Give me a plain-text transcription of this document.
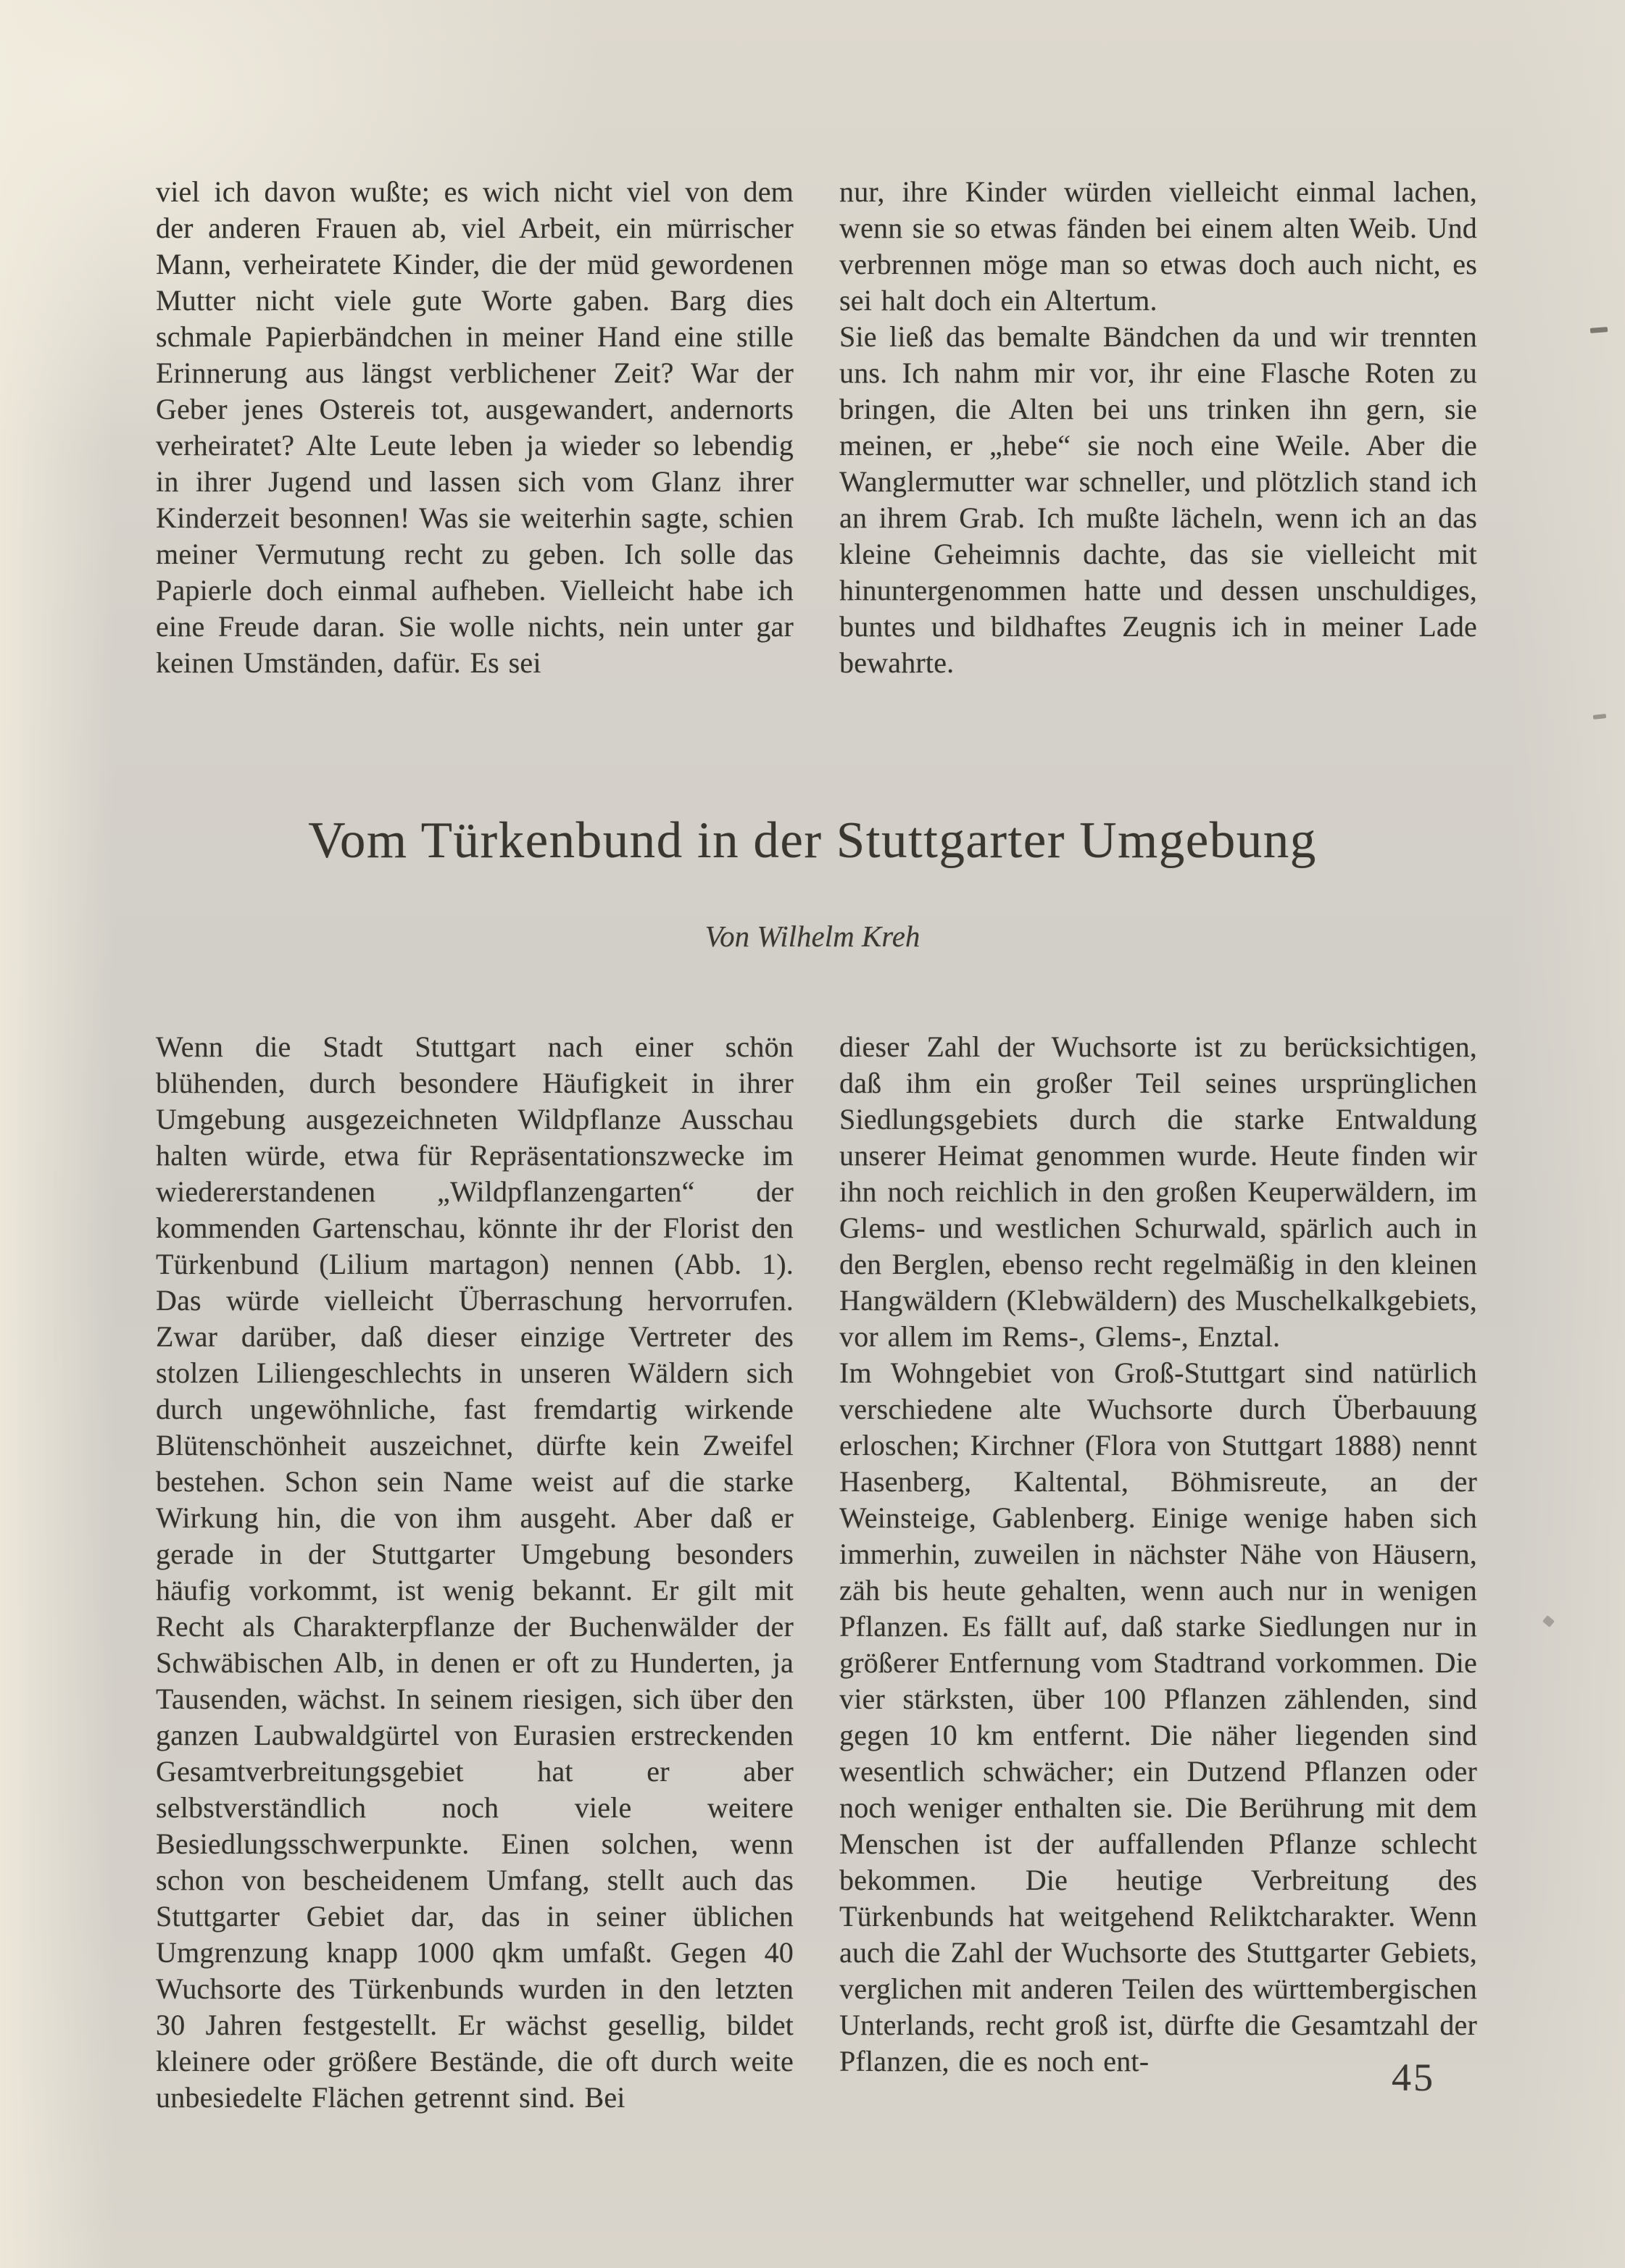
viel ich davon wußte; es wich nicht viel von dem der anderen Frauen ab, viel Arbeit, ein mürrischer Mann, verheiratete Kinder, die der müd gewordenen Mutter nicht viele gute Worte gaben. Barg dies schmale Papierbändchen in meiner Hand eine stille Erinnerung aus längst verblichener Zeit? War der Geber jenes Ostereis tot, ausgewandert, andernorts verheiratet? Alte Leute leben ja wieder so lebendig in ihrer Jugend und lassen sich vom Glanz ihrer Kinderzeit besonnen! Was sie weiterhin sagte, schien meiner Vermutung recht zu geben. Ich solle das Papierle doch einmal aufheben. Vielleicht habe ich eine Freude daran. Sie wolle nichts, nein unter gar keinen Umständen, dafür. Es sei

nur, ihre Kinder würden vielleicht einmal lachen, wenn sie so etwas fänden bei einem alten Weib. Und verbrennen möge man so etwas doch auch nicht, es sei halt doch ein Altertum.

Sie ließ das bemalte Bändchen da und wir trennten uns. Ich nahm mir vor, ihr eine Flasche Roten zu bringen, die Alten bei uns trinken ihn gern, sie meinen, er „hebe“ sie noch eine Weile. Aber die Wanglermutter war schneller, und plötzlich stand ich an ihrem Grab. Ich mußte lächeln, wenn ich an das kleine Geheimnis dachte, das sie vielleicht mit hinuntergenommen hatte und dessen unschuldiges, buntes und bildhaftes Zeugnis ich in meiner Lade bewahrte.

Vom Türkenbund in der Stuttgarter Umgebung
Von Wilhelm Kreh

Wenn die Stadt Stuttgart nach einer schön blühenden, durch besondere Häufigkeit in ihrer Umgebung ausgezeichneten Wildpflanze Ausschau halten würde, etwa für Repräsentationszwecke im wiedererstandenen „Wildpflanzengarten“ der kommenden Gartenschau, könnte ihr der Florist den Türkenbund (Lilium martagon) nennen (Abb. 1). Das würde vielleicht Überraschung hervorrufen. Zwar darüber, daß dieser einzige Vertreter des stolzen Liliengeschlechts in unseren Wäldern sich durch ungewöhnliche, fast fremdartig wirkende Blütenschönheit auszeichnet, dürfte kein Zweifel bestehen. Schon sein Name weist auf die starke Wirkung hin, die von ihm ausgeht. Aber daß er gerade in der Stuttgarter Umgebung besonders häufig vorkommt, ist wenig bekannt. Er gilt mit Recht als Charakterpflanze der Buchenwälder der Schwäbischen Alb, in denen er oft zu Hunderten, ja Tausenden, wächst. In seinem riesigen, sich über den ganzen Laubwaldgürtel von Eurasien erstreckenden Gesamtverbreitungsgebiet hat er aber selbstverständlich noch viele weitere Besiedlungsschwerpunkte. Einen solchen, wenn schon von bescheidenem Umfang, stellt auch das Stuttgarter Gebiet dar, das in seiner üblichen Umgrenzung knapp 1000 qkm umfaßt. Gegen 40 Wuchsorte des Türkenbunds wurden in den letzten 30 Jahren festgestellt. Er wächst gesellig, bildet kleinere oder größere Bestände, die oft durch weite unbesiedelte Flächen getrennt sind. Bei

dieser Zahl der Wuchsorte ist zu berücksichtigen, daß ihm ein großer Teil seines ursprünglichen Siedlungsgebiets durch die starke Entwaldung unserer Heimat genommen wurde. Heute finden wir ihn noch reichlich in den großen Keuperwäldern, im Glems- und westlichen Schurwald, spärlich auch in den Berglen, ebenso recht regelmäßig in den kleinen Hangwäldern (Klebwäldern) des Muschelkalkgebiets, vor allem im Rems-, Glems-, Enztal.

Im Wohngebiet von Groß-Stuttgart sind natürlich verschiedene alte Wuchsorte durch Überbauung erloschen; Kirchner (Flora von Stuttgart 1888) nennt Hasenberg, Kaltental, Böhmisreute, an der Weinsteige, Gablenberg. Einige wenige haben sich immerhin, zuweilen in nächster Nähe von Häusern, zäh bis heute gehalten, wenn auch nur in wenigen Pflanzen. Es fällt auf, daß starke Siedlungen nur in größerer Entfernung vom Stadtrand vorkommen. Die vier stärksten, über 100 Pflanzen zählenden, sind gegen 10 km entfernt. Die näher liegenden sind wesentlich schwächer; ein Dutzend Pflanzen oder noch weniger enthalten sie. Die Berührung mit dem Menschen ist der auffallenden Pflanze schlecht bekommen. Die heutige Verbreitung des Türkenbunds hat weitgehend Reliktcharakter. Wenn auch die Zahl der Wuchsorte des Stuttgarter Gebiets, verglichen mit anderen Teilen des württembergischen Unterlands, recht groß ist, dürfte die Gesamtzahl der Pflanzen, die es noch ent-	45
